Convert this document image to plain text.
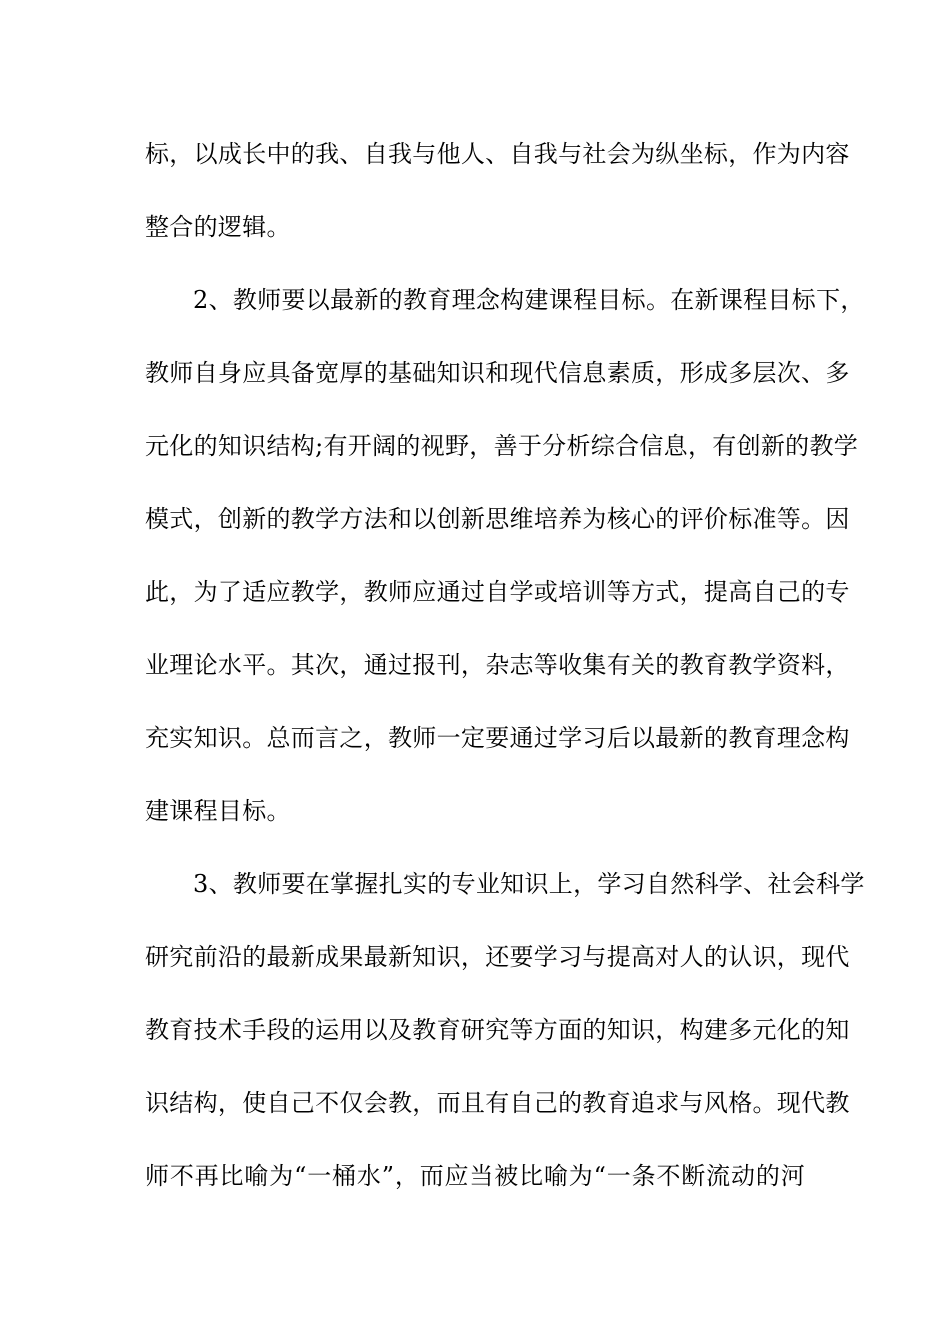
标，以成长中的我、自我与他人、自我与社会为纵坐标，作为内容
整合的逻辑。
2、教师要以最新的教育理念构建课程目标。在新课程目标下，
教师自身应具备宽厚的基础知识和现代信息素质，形成多层次、多
元化的知识结构;有开阔的视野，善于分析综合信息，有创新的教学
模式，创新的教学方法和以创新思维培养为核心的评价标准等。因
此，为了适应教学，教师应通过自学或培训等方式，提高自己的专
业理论水平。其次，通过报刊，杂志等收集有关的教育教学资料，
充实知识。总而言之，教师一定要通过学习后以最新的教育理念构
建课程目标。
3、教师要在掌握扎实的专业知识上，学习自然科学、社会科学
研究前沿的最新成果最新知识，还要学习与提高对人的认识，现代
教育技术手段的运用以及教育研究等方面的知识，构建多元化的知
识结构，使自己不仅会教，而且有自己的教育追求与风格。现代教
师不再比喻为“一桶水”，而应当被比喻为“一条不断流动的河
